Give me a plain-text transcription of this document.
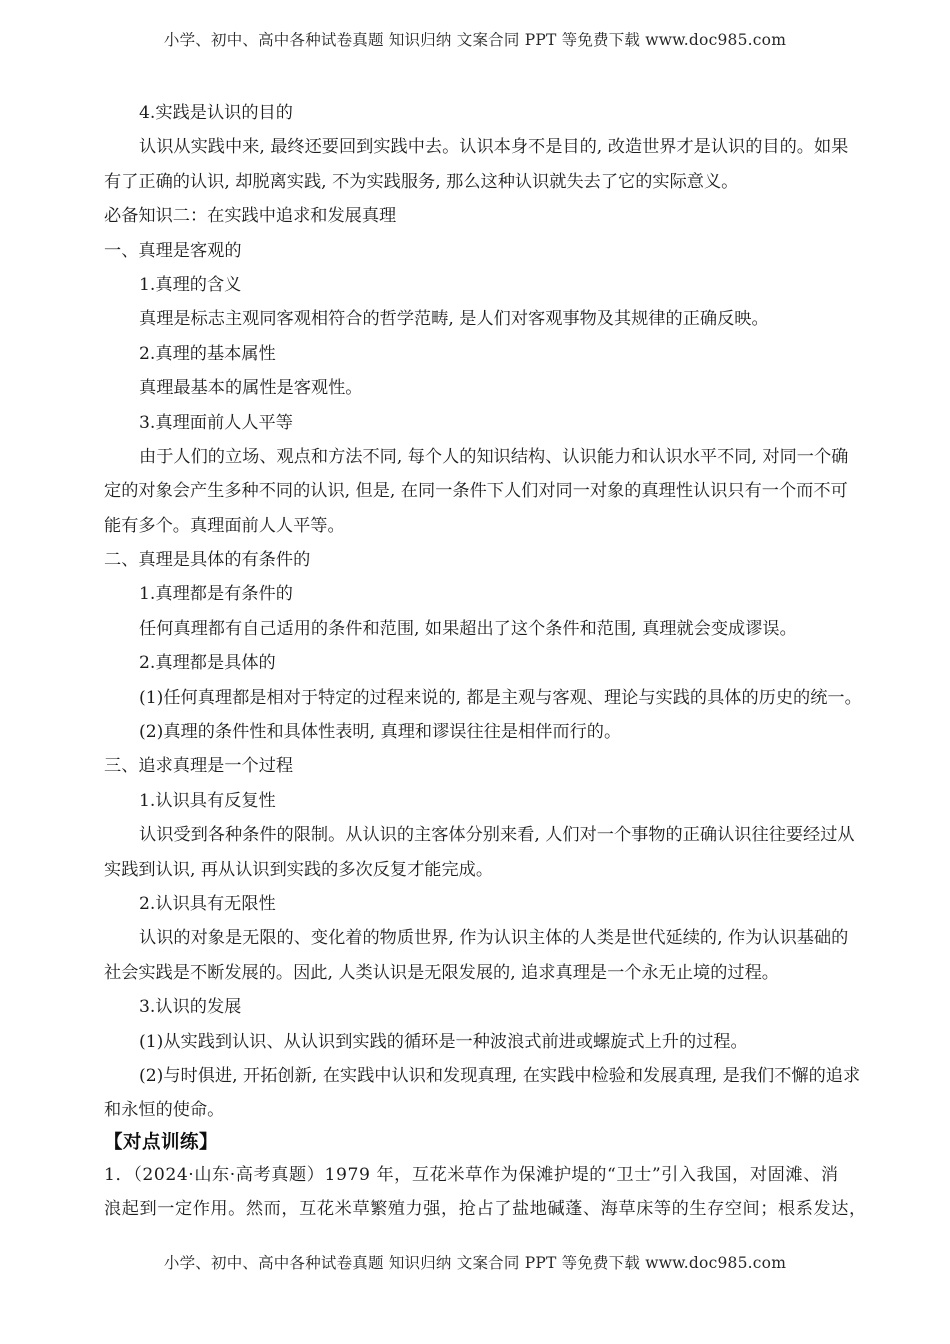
小学、初中、高中各种试卷真题 知识归纳 文案合同 PPT 等免费下载 www.doc985.com
4.实践是认识的目的
认识从实践中来, 最终还要回到实践中去。认识本身不是目的, 改造世界才是认识的目的。如果
有了正确的认识, 却脱离实践, 不为实践服务, 那么这种认识就失去了它的实际意义。
必备知识二：在实践中追求和发展真理
一、真理是客观的
1.真理的含义
真理是标志主观同客观相符合的哲学范畴, 是人们对客观事物及其规律的正确反映。
2.真理的基本属性
真理最基本的属性是客观性。
3.真理面前人人平等
由于人们的立场、观点和方法不同, 每个人的知识结构、认识能力和认识水平不同, 对同一个确
定的对象会产生多种不同的认识, 但是, 在同一条件下人们对同一对象的真理性认识只有一个而不可
能有多个。真理面前人人平等。
二、真理是具体的有条件的
1.真理都是有条件的
任何真理都有自己适用的条件和范围, 如果超出了这个条件和范围, 真理就会变成谬误。
2.真理都是具体的
(1)任何真理都是相对于特定的过程来说的, 都是主观与客观、理论与实践的具体的历史的统一。
(2)真理的条件性和具体性表明, 真理和谬误往往是相伴而行的。
三、追求真理是一个过程
1.认识具有反复性
认识受到各种条件的限制。从认识的主客体分别来看, 人们对一个事物的正确认识往往要经过从
实践到认识, 再从认识到实践的多次反复才能完成。
2.认识具有无限性
认识的对象是无限的、变化着的物质世界, 作为认识主体的人类是世代延续的, 作为认识基础的
社会实践是不断发展的。因此, 人类认识是无限发展的, 追求真理是一个永无止境的过程。
3.认识的发展
(1)从实践到认识、从认识到实践的循环是一种波浪式前进或螺旋式上升的过程。
(2)与时俱进, 开拓创新, 在实践中认识和发现真理, 在实践中检验和发展真理, 是我们不懈的追求
和永恒的使命。
【对点训练】
1．（2024·山东·高考真题）1979 年，互花米草作为保滩护堤的“卫士”引入我国，对固滩、消
浪起到一定作用。然而，互花米草繁殖力强，抢占了盐地碱蓬、海草床等的生存空间；根系发达，
小学、初中、高中各种试卷真题 知识归纳 文案合同 PPT 等免费下载 www.doc985.com
